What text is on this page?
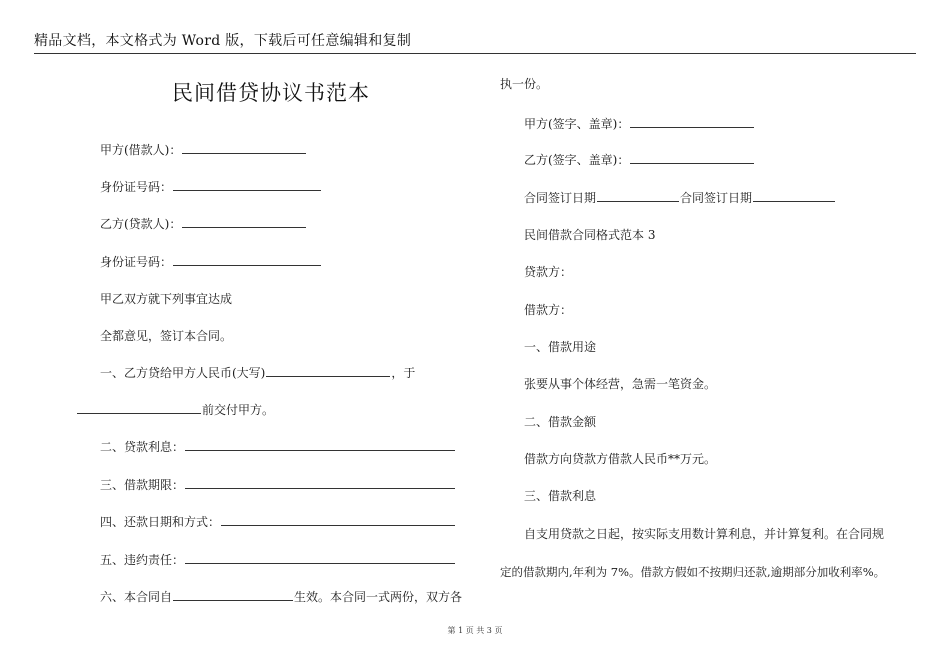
精品文档，本文格式为 Word 版，下载后可任意编辑和复制
民间借贷协议书范本
甲方(借款人)：
身份证号码：
乙方(贷款人)：
身份证号码：
甲乙双方就下列事宜达成
全都意见，签订本合同。
一、乙方贷给甲方人民币(大写)	，于
前交付甲方。
二、贷款利息：
三、借款期限：
四、还款日期和方式：
五、违约责任：
六、本合同自	生效。本合同一式两份，双方各
执一份。
甲方(签字、盖章)：
乙方(签字、盖章)：
合同签订日期	合同签订日期
民间借款合同格式范本 3
贷款方：
借款方：
一、借款用途
张要从事个体经营，急需一笔资金。
二、借款金额
借款方向贷款方借款人民币**万元。
三、借款利息
自支用贷款之日起，按实际支用数计算利息，并计算复利。在合同规
定的借款期内,年利为 7%。借款方假如不按期归还款,逾期部分加收利率%。
第 1 页 共 3 页
